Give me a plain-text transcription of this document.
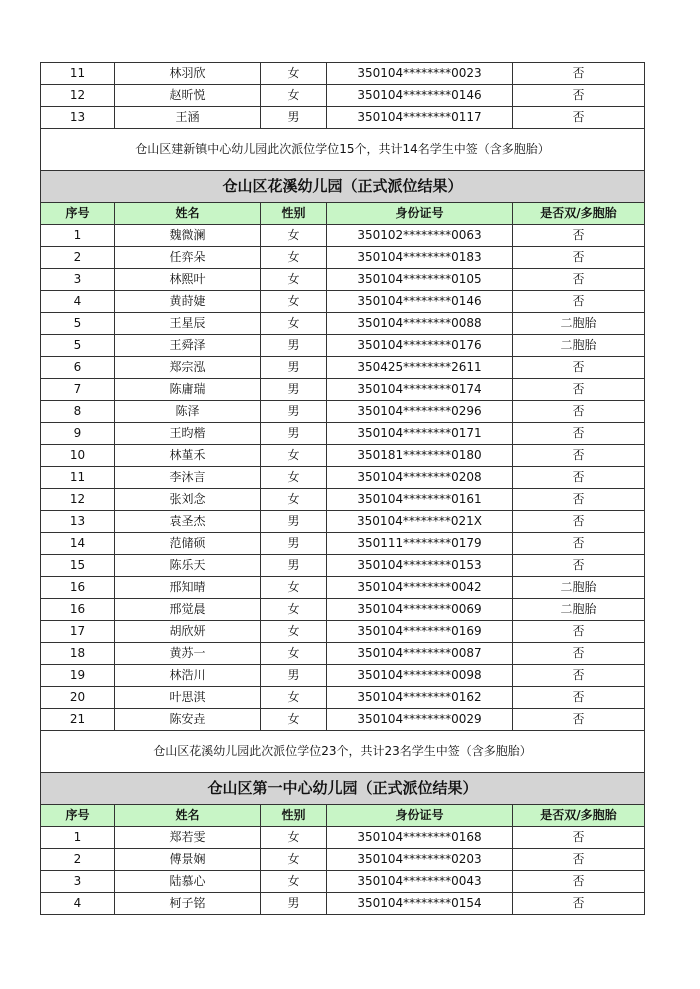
11	林羽欣	女	350104********0023	否
12	赵昕悦	女	350104********0146	否
13	王涵	男	350104********0117	否
仓山区建新镇中心幼儿园此次派位学位15个，共计14名学生中签（含多胞胎）				
仓山区花溪幼儿园（正式派位结果）				
序号	姓名	性别	身份证号	是否双/多胞胎
1	魏微澜	女	350102********0063	否
2	任弈朵	女	350104********0183	否
3	林熙叶	女	350104********0105	否
4	黄莳婕	女	350104********0146	否
5	王星辰	女	350104********0088	二胞胎
5	王舜泽	男	350104********0176	二胞胎
6	郑宗泓	男	350425********2611	否
7	陈庸瑞	男	350104********0174	否
8	陈泽	男	350104********0296	否
9	王昀楷	男	350104********0171	否
10	林堇禾	女	350181********0180	否
11	李沐言	女	350104********0208	否
12	张刘念	女	350104********0161	否
13	袁圣杰	男	350104********021X	否
14	范储硕	男	350111********0179	否
15	陈乐天	男	350104********0153	否
16	邢知晴	女	350104********0042	二胞胎
16	邢觉晨	女	350104********0069	二胞胎
17	胡欣妍	女	350104********0169	否
18	黄苏一	女	350104********0087	否
19	林浩川	男	350104********0098	否
20	叶思淇	女	350104********0162	否
21	陈安垚	女	350104********0029	否
仓山区花溪幼儿园此次派位学位23个，共计23名学生中签（含多胞胎）				
仓山区第一中心幼儿园（正式派位结果）				
序号	姓名	性别	身份证号	是否双/多胞胎
1	郑若雯	女	350104********0168	否
2	傅景娴	女	350104********0203	否
3	陆慕心	女	350104********0043	否
4	柯子铭	男	350104********0154	否
